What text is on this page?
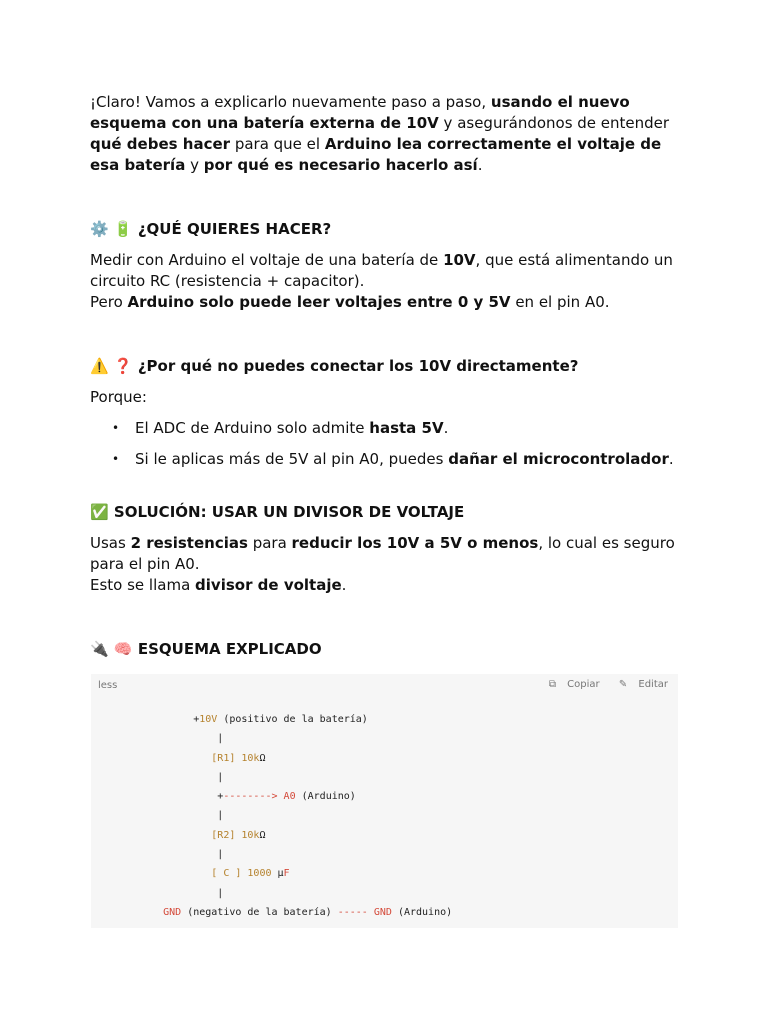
¡Claro! Vamos a explicarlo nuevamente paso a paso, usando el nuevo esquema con una batería externa de 10V y asegurándonos de entender qué debes hacer para que el Arduino lea correctamente el voltaje de esa batería y por qué es necesario hacerlo así.

⚙️ 🔋 ¿QUÉ QUIERES HACER?

Medir con Arduino el voltaje de una batería de 10V, que está alimentando un circuito RC (resistencia + capacitor).

Pero Arduino solo puede leer voltajes entre 0 y 5V en el pin A0.

⚠️ ❓ ¿Por qué no puedes conectar los 10V directamente?

Porque:

• El ADC de Arduino solo admite hasta 5V.
• Si le aplicas más de 5V al pin A0, puedes dañar el microcontrolador.
✅ SOLUCIÓN: USAR UN DIVISOR DE VOLTAJE

Usas 2 resistencias para reducir los 10V a 5V o menos, lo cual es seguro para el pin A0.

Esto se llama divisor de voltaje.

🔌 🧠 ESQUEMA EXPLICADO
less	⧉ Copiar ✎ Editar
+10V (positivo de la batería)
|
[R1] 10kΩ
|
+--------> A0 (Arduino)
|
[R2] 10kΩ
|
[ C ] 1000 μF
|
GND (negativo de la batería) ----- GND (Arduino)
